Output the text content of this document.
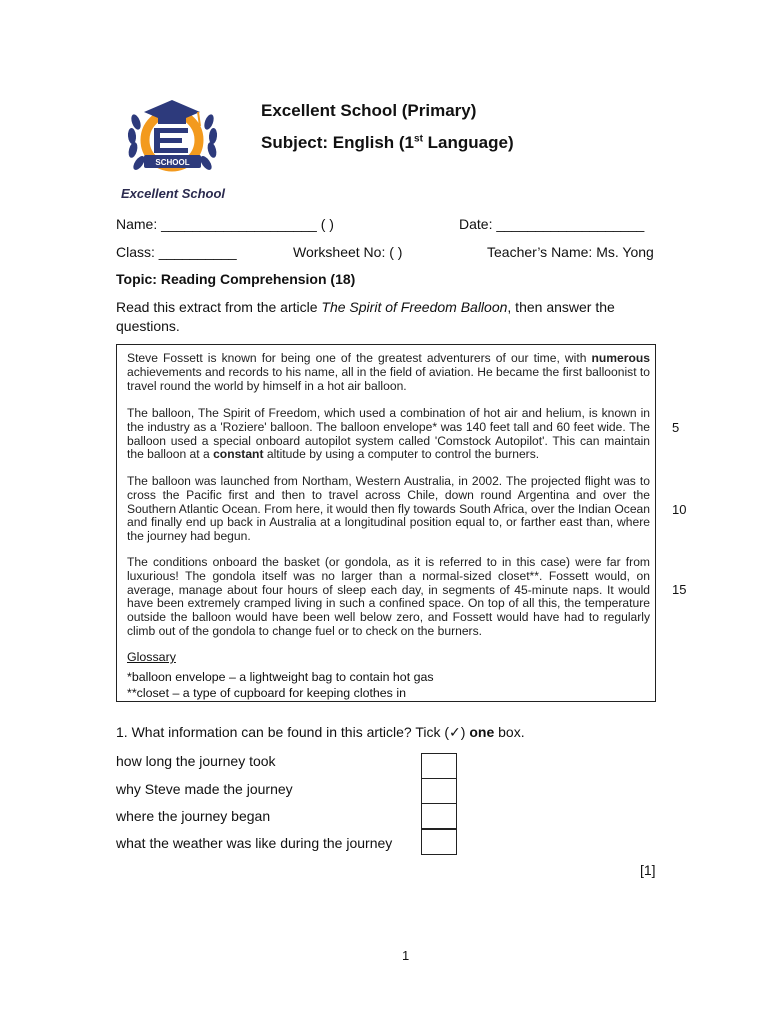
SCHOOL
Excellent School
Excellent School (Primary)
Subject: English (1st Language)
Name: ____________________ ( )	Date: ___________________
Class: __________	Worksheet No: ( )	Teacher’s Name: Ms. Yong
Topic: Reading Comprehension (18)
Read this extract from the article The Spirit of Freedom Balloon, then answer the questions.
Steve Fossett is known for being one of the greatest adventurers of our time, with numerous achievements and records to his name, all in the field of aviation. He became the first balloonist to travel round the world by himself in a hot air balloon.
The balloon, The Spirit of Freedom, which used a combination of hot air and helium, is known in the industry as a 'Roziere' balloon. The balloon envelope* was 140 feet tall and 60 feet wide. The balloon used a special onboard autopilot system called 'Comstock Autopilot'. This can maintain the balloon at a constant altitude by using a computer to control the burners.
The balloon was launched from Northam, Western Australia, in 2002. The projected flight was to cross the Pacific first and then to travel across Chile, down round Argentina and over the Southern Atlantic Ocean. From here, it would then fly towards South Africa, over the Indian Ocean and finally end up back in Australia at a longitudinal position equal to, or farther east than, where the journey had begun.
The conditions onboard the basket (or gondola, as it is referred to in this case) were far from luxurious! The gondola itself was no larger than a normal-sized closet**. Fossett would, on average, manage about four hours of sleep each day, in segments of 45-minute naps. It would have been extremely cramped living in such a confined space. On top of all this, the temperature outside the balloon would have been well below zero, and Fossett would have had to regularly climb out of the gondola to change fuel or to check on the burners.
Glossary
*balloon envelope – a lightweight bag to contain hot gas
**closet – a type of cupboard for keeping clothes in
5
10
15
1. What information can be found in this article? Tick (✓) one box.
how long the journey took
why Steve made the journey
where the journey began
what the weather was like during the journey
[1]
1
